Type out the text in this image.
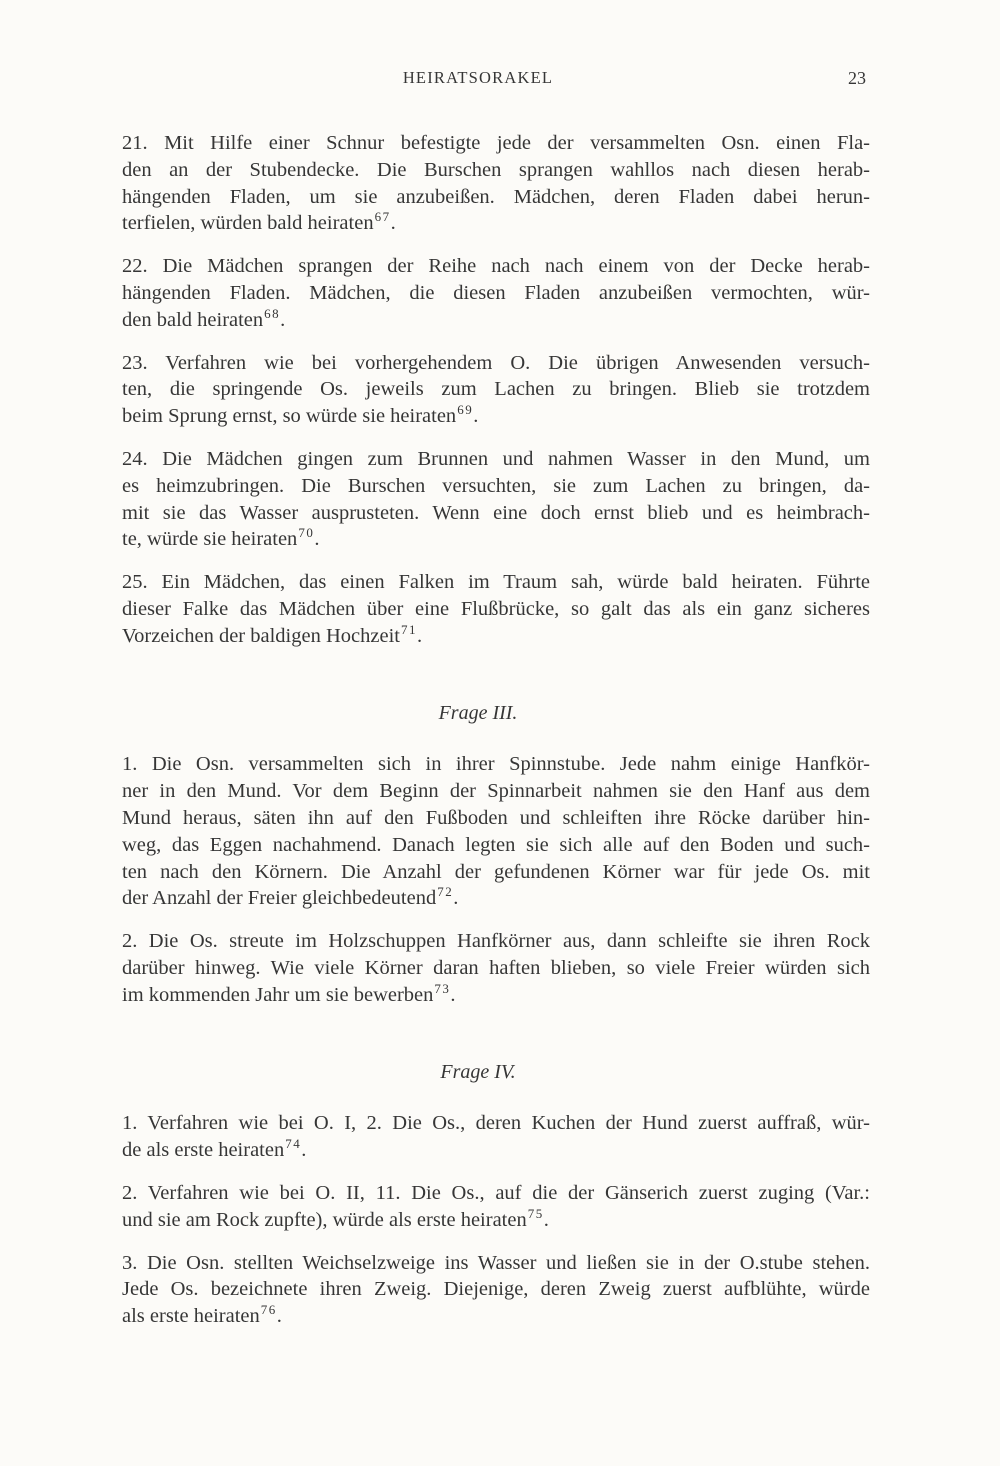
HEIRATSORAKEL	23
21. Mit Hilfe einer Schnur befestigte jede der versammelten Osn. einen Fla-
den an der Stubendecke. Die Burschen sprangen wahllos nach diesen herab-
hängenden Fladen, um sie anzubeißen. Mädchen, deren Fladen dabei herun-
terfielen, würden bald heiraten$^{67}$.
22. Die Mädchen sprangen der Reihe nach nach einem von der Decke herab-
hängenden Fladen. Mädchen, die diesen Fladen anzubeißen vermochten, wür-
den bald heiraten$^{68}$.
23. Verfahren wie bei vorhergehendem O. Die übrigen Anwesenden versuch-
ten, die springende Os. jeweils zum Lachen zu bringen. Blieb sie trotzdem
beim Sprung ernst, so würde sie heiraten$^{69}$.
24. Die Mädchen gingen zum Brunnen und nahmen Wasser in den Mund, um
es heimzubringen. Die Burschen versuchten, sie zum Lachen zu bringen, da-
mit sie das Wasser ausprusteten. Wenn eine doch ernst blieb und es heimbrach-
te, würde sie heiraten$^{70}$.
25. Ein Mädchen, das einen Falken im Traum sah, würde bald heiraten. Führte
dieser Falke das Mädchen über eine Flußbrücke, so galt das als ein ganz sicheres
Vorzeichen der baldigen Hochzeit$^{71}$.
Frage III.
1. Die Osn. versammelten sich in ihrer Spinnstube. Jede nahm einige Hanfkör-
ner in den Mund. Vor dem Beginn der Spinnarbeit nahmen sie den Hanf aus dem
Mund heraus, säten ihn auf den Fußboden und schleiften ihre Röcke darüber hin-
weg, das Eggen nachahmend. Danach legten sie sich alle auf den Boden und such-
ten nach den Körnern. Die Anzahl der gefundenen Körner war für jede Os. mit
der Anzahl der Freier gleichbedeutend$^{72}$.
2. Die Os. streute im Holzschuppen Hanfkörner aus, dann schleifte sie ihren Rock
darüber hinweg. Wie viele Körner daran haften blieben, so viele Freier würden sich
im kommenden Jahr um sie bewerben$^{73}$.
Frage IV.
1. Verfahren wie bei O. I, 2. Die Os., deren Kuchen der Hund zuerst auffraß, wür-
de als erste heiraten$^{74}$.
2. Verfahren wie bei O. II, 11. Die Os., auf die der Gänserich zuerst zuging (Var.:
und sie am Rock zupfte), würde als erste heiraten$^{75}$.
3. Die Osn. stellten Weichselzweige ins Wasser und ließen sie in der O.stube stehen.
Jede Os. bezeichnete ihren Zweig. Diejenige, deren Zweig zuerst aufblühte, würde
als erste heiraten$^{76}$.
